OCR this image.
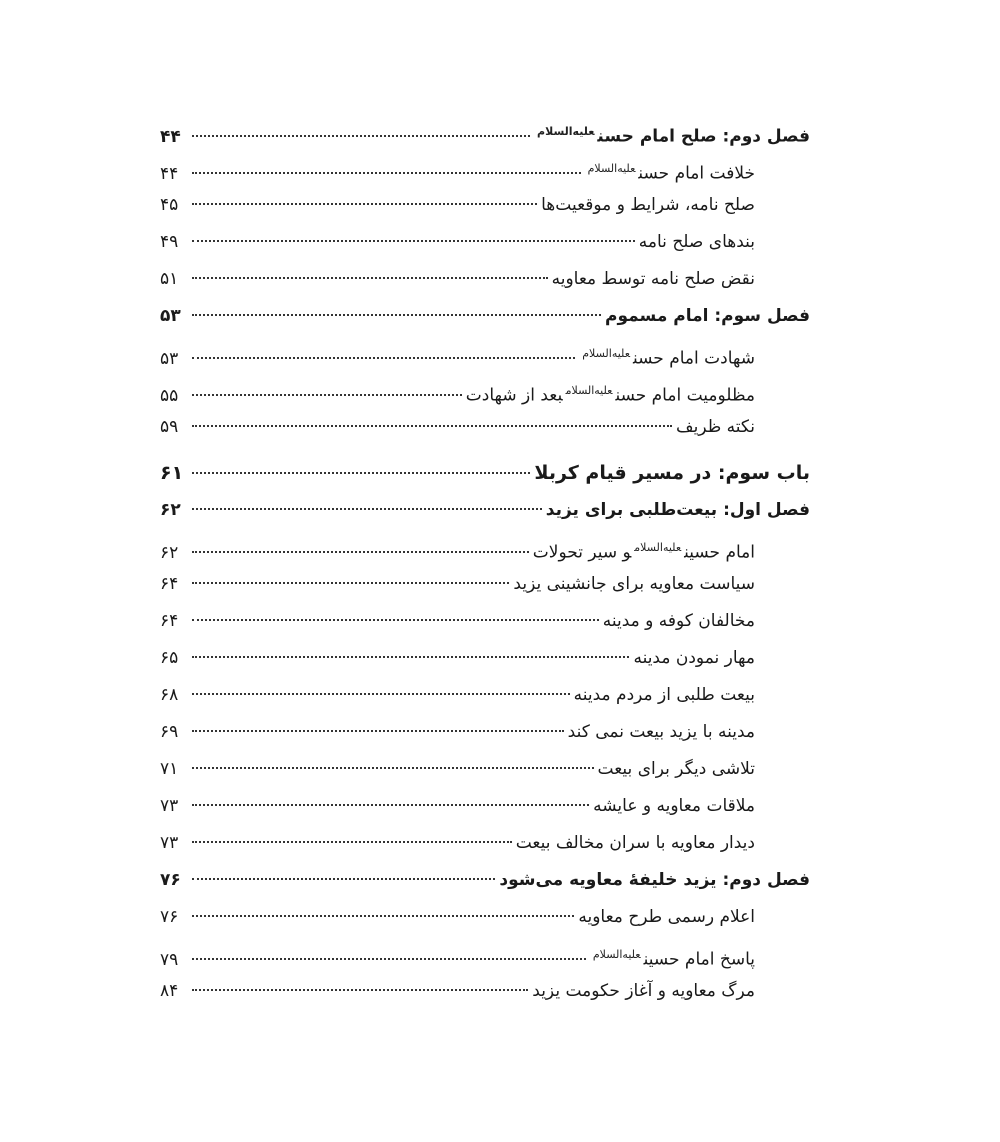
فصل دوم: صلح امام حسن$^{علیه‌السلام}$
۴۴
خلافت امام حسن$^{علیه‌السلام}$
۴۴
صلح نامه، شرایط و موقعیت‌ها
۴۵
بندهای صلح نامه
۴۹
نقض صلح نامه توسط معاویه
۵۱
فصل سوم: امام مسموم
۵۳
شهادت امام حسن$^{علیه‌السلام}$
۵۳
مظلومیت امام حسن$^{علیه‌السلام}$بعد از شهادت
۵۵
نکته ظریف
۵۹
باب سوم: در مسیر قیام کربلا
۶۱
فصل اول: بیعت‌طلبی برای یزید
۶۲
امام حسین$^{علیه‌السلام}$و سیر تحولات
۶۲
سیاست معاویه برای جانشینی یزید
۶۴
مخالفان کوفه و مدینه
۶۴
مهار نمودن مدینه
۶۵
بیعت طلبی از مردم مدینه
۶۸
مدینه با یزید بیعت نمی کند
۶۹
تلاشی دیگر برای بیعت
۷۱
ملاقات معاویه و عایشه
۷۳
دیدار معاویه با سران مخالف بیعت
۷۳
فصل دوم: یزید خلیفهٔ معاویه می‌شود
۷۶
اعلام رسمی طرح معاویه
۷۶
پاسخ امام حسین$^{علیه‌السلام}$
۷۹
مرگ معاویه و آغاز حکومت یزید
۸۴
